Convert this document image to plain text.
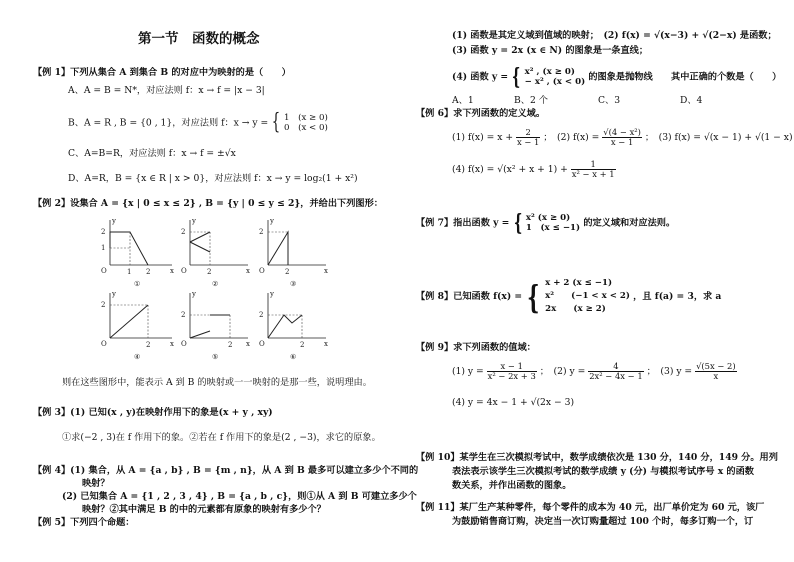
第一节　函数的概念
【例 1】下列从集合 A 到集合 B 的对应中为映射的是（　　）
A、A = B = N*，对应法则 f：x → f = |x − 3|
B、A = R , B = {0 , 1}，对应法则 f：x → y = { 1　(x ≥ 0)
0　(x < 0)
C、A=B=R，对应法则 f：x → f = ±√x
D、A=R，B = {x ∈ R | x > 0}，对应法则 f：x → y = log₂(1 + x²)
【例 2】设集合 A = {x | 0 ≤ x ≤ 2} , B = {y | 0 ≤ y ≤ 2}，并给出下列图形：
2
1
O	1 2	x
y
①
2
O	2	x
y
②
2
O	2	x
y
③
2
O	2	x
y
④
2
O	2 x
y
⑤
2
O	2	x
y
⑥
则在这些图形中，能表示 A 到 B 的映射或一一映射的是那一些，说明理由。
【例 3】(1) 已知(x , y)在映射作用下的象是(x + y , xy)
①求(−2 , 3)在 f 作用下的象。②若在 f 作用下的象是(2 , −3)，求它的原象。
【例 4】(1) 集合，从 A = {a , b} , B = {m , n}，从 A 到 B 最多可以建立多少个不同的
映射？
(2) 已知集合 A = {1 , 2 , 3 , 4} , B = {a , b , c}，则①从 A 到 B 可建立多少个
映射？②其中满足 B 的中的元素都有原象的映射有多少个？
【例 5】下列四个命题：
(1) 函数是其定义域到值域的映射；　(2) f(x) = √(x−3) + √(2−x) 是函数；
(3) 函数 y = 2x (x ∈ N) 的图象是一条直线；
(4) 函数 y = { x² , (x ≥ 0)
− x² , (x < 0) 的图象是抛物线　　其中正确的个数是（　　）
A、1	B、2 个	C、3	D、4
【例 6】求下列函数的定义域。
(1) $f(x) = x + \frac{2}{x - 1}$ ；　(2) $f(x) = \frac{\text{√(4 − x²)}}{x - 1}$ ；　(3) f(x) = √(x − 1) + √(1 − x)
(4) $f(x) = √(x^2 + x + 1) + \frac{1}{\text{x² − x + 1}}$
【例 7】指出函数 y = { x² (x ≥ 0)
1　(x ≤ −1) 的定义域和对应法则。
【例 8】已知函数 f(x) = { x + 2 (x ≤ −1)
x²　　(−1 < x < 2)
2x　　(x ≥ 2) ，且 f(a) = 3，求 a
【例 9】求下列函数的值域：
(1) $y = \frac{x - 1}{\text{x² − 2x + 3}}$ ；　(2) $y = \frac{4}{\text{2x² − 4x − 1}}$ ；　(3) $y = \frac{√(5x - 2)}{x}$
(4) y = 4x − 1 + √(2x − 3)
【例 10】某学生在三次模拟考试中，数学成绩依次是 130 分，140 分，149 分。用列
表法表示该学生三次模拟考试的数学成绩 y (分) 与模拟考试序号 x 的函数
数关系，并作出函数的图象。
【例 11】某厂生产某种零件，每个零件的成本为 40 元，出厂单价定为 60 元，该厂
为鼓励销售商订购，决定当一次订购量超过 100 个时，每多订购一个，订
